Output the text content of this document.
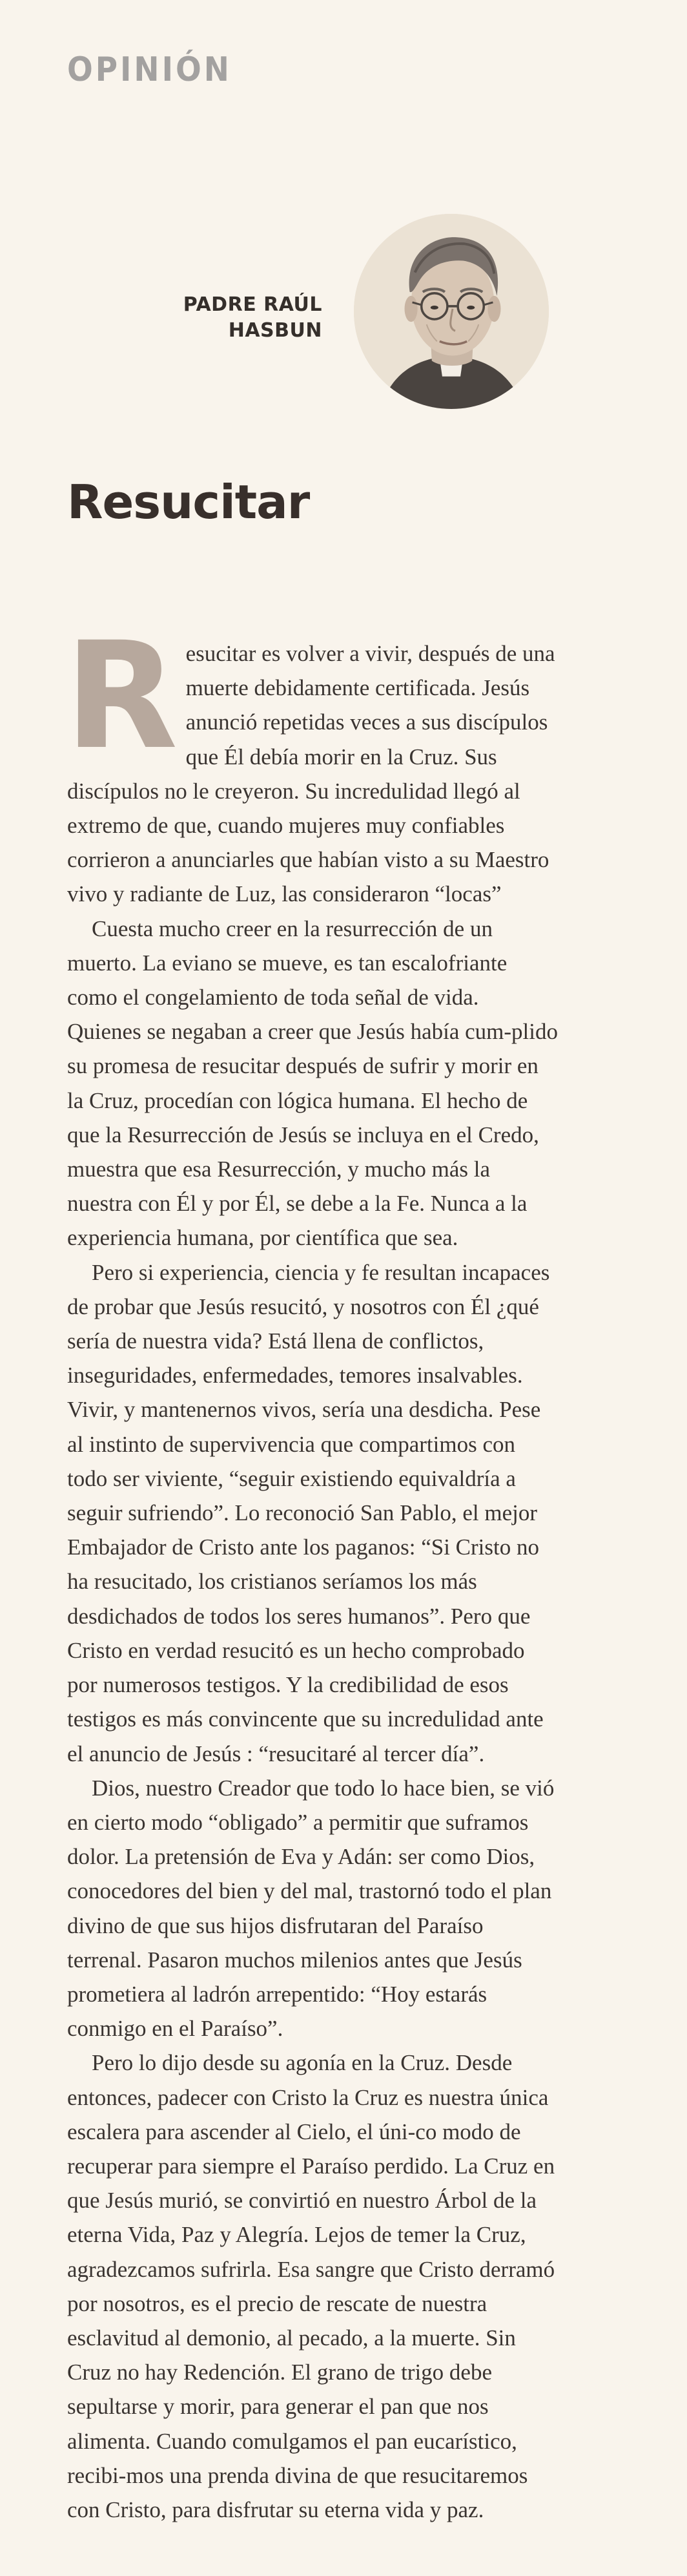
OPINIÓN
PADRE RAÚL
HASBUN
Resucitar

Resucitar es volver a vivir, después de una muerte debidamente certificada. Jesús anunció repetidas veces a sus discípulos que Él debía morir en la Cruz. Sus discípulos no le creyeron. Su incredulidad llegó al extremo de que, cuando mujeres muy confiables corrieron a anunciarles que habían visto a su Maestro vivo y radiante de Luz, las consideraron “locas”

Cuesta mucho creer en la resurrección de un muerto. La eviano se mueve, es tan escalofriante como el congelamiento de toda señal de vida. Quienes se negaban a creer que Jesús había cum-plido su promesa de resucitar después de sufrir y morir en la Cruz, procedían con lógica humana. El hecho de que la Resurrección de Jesús se incluya en el Credo, muestra que esa Resurrección, y mucho más la nuestra con Él y por Él, se debe a la Fe. Nunca a la experiencia humana, por científica que sea.

Pero si experiencia, ciencia y fe resultan incapaces de probar que Jesús resucitó, y nosotros con Él ¿qué sería de nuestra vida? Está llena de conflictos, inseguridades, enfermedades, temores insalvables. Vivir, y mantenernos vivos, sería una desdicha. Pese al instinto de supervivencia que compartimos con todo ser viviente, “seguir existiendo equivaldría a seguir sufriendo”. Lo reconoció San Pablo, el mejor Embajador de Cristo ante los paganos: “Si Cristo no ha resucitado, los cristianos seríamos los más desdichados de todos los seres humanos”. Pero que Cristo en verdad resucitó es un hecho comprobado por numerosos testigos. Y la credibilidad de esos testigos es más convincente que su incredulidad ante el anuncio de Jesús : “resucitaré al tercer día”.

Dios, nuestro Creador que todo lo hace bien, se vió en cierto modo “obligado” a permitir que suframos dolor. La pretensión de Eva y Adán: ser como Dios, conocedores del bien y del mal, trastornó todo el plan divino de que sus hijos disfrutaran del Paraíso terrenal. Pasaron muchos milenios antes que Jesús prometiera al ladrón arrepentido: “Hoy estarás conmigo en el Paraíso”.

Pero lo dijo desde su agonía en la Cruz. Desde entonces, padecer con Cristo la Cruz es nuestra única escalera para ascender al Cielo, el úni-co modo de recuperar para siempre el Paraíso perdido. La Cruz en que Jesús murió, se convirtió en nuestro Árbol de la eterna Vida, Paz y Alegría. Lejos de temer la Cruz, agradezcamos sufrirla. Esa sangre que Cristo derramó por nosotros, es el precio de rescate de nuestra esclavitud al demonio, al pecado, a la muerte. Sin Cruz no hay Redención. El grano de trigo debe sepultarse y morir, para generar el pan que nos alimenta. Cuando comulgamos el pan eucarístico, recibi-mos una prenda divina de que resucitaremos con Cristo, para disfrutar su eterna vida y paz.
